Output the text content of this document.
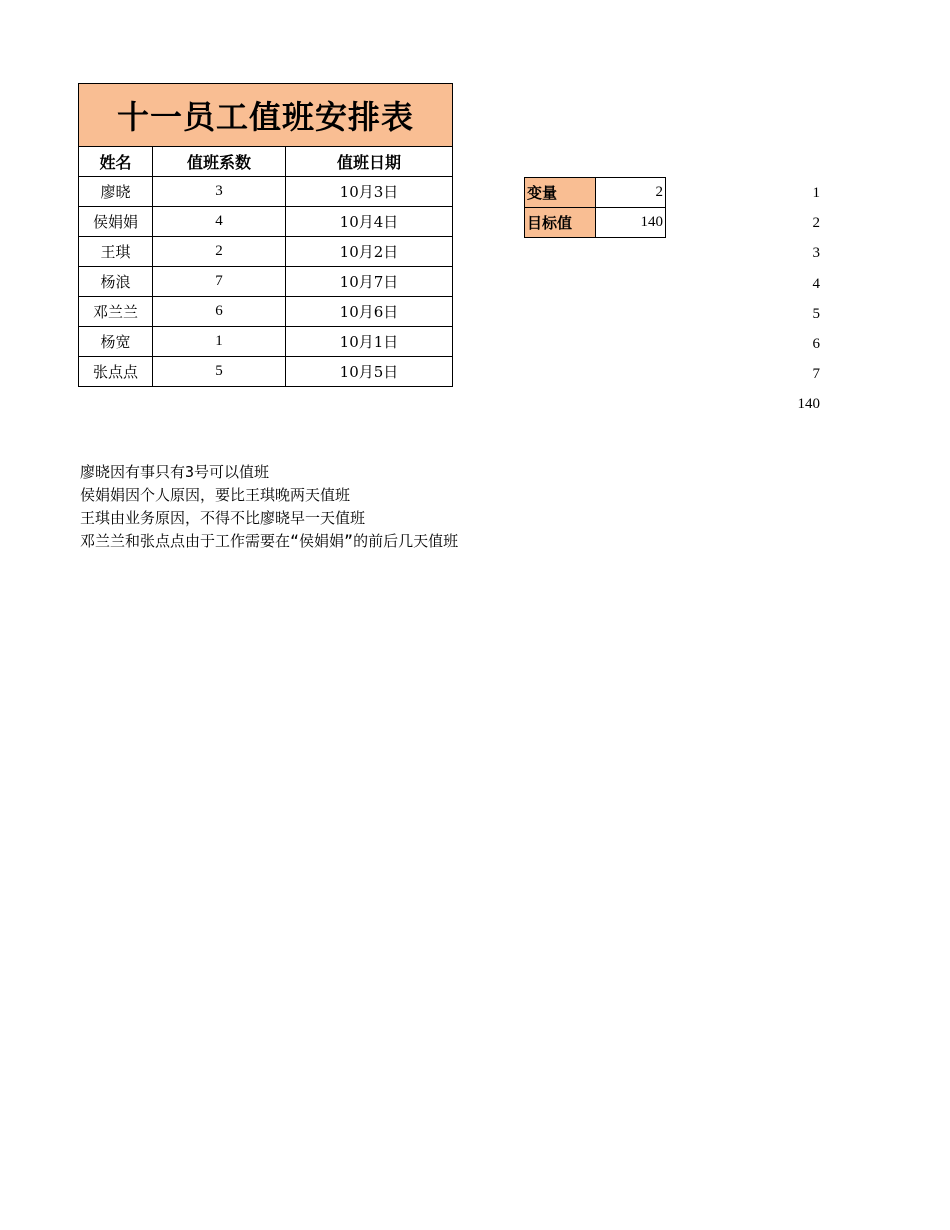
十一员工值班安排表		
姓名	值班系数	值班日期
廖晓	3	10月3日
侯娟娟	4	10月4日
王琪	2	10月2日
杨浪	7	10月7日
邓兰兰	6	10月6日
杨宽	1	10月1日
张点点	5	10月5日
变量	2
目标值	140
1
2
3
4
5
6
7
140
廖晓因有事只有3号可以值班
侯娟娟因个人原因，要比王琪晚两天值班
王琪由业务原因，不得不比廖晓早一天值班
邓兰兰和张点点由于工作需要在“侯娟娟”的前后几天值班
